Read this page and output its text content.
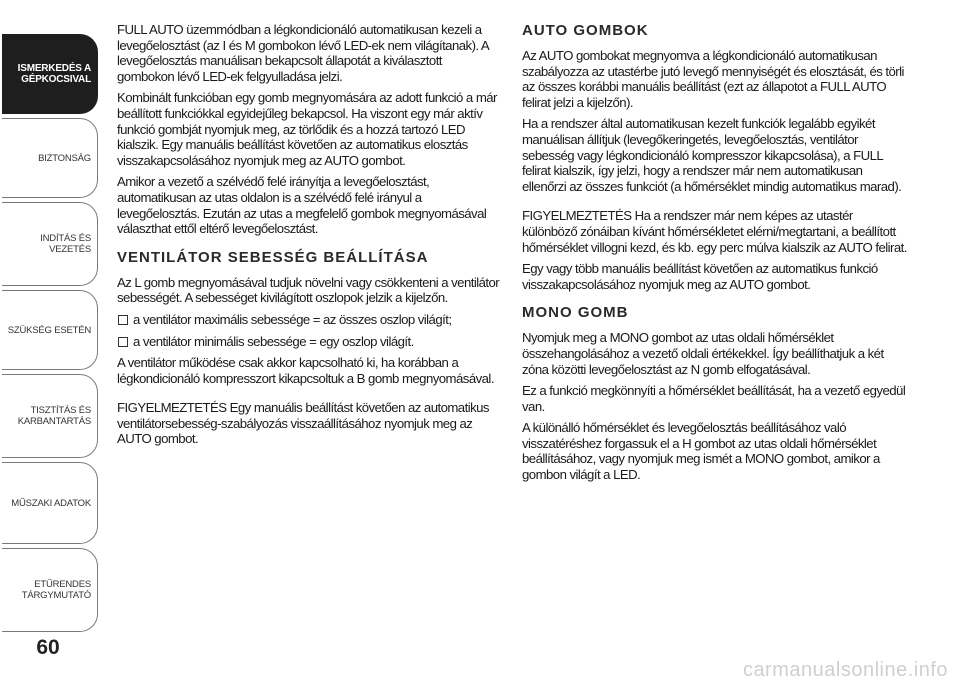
ISMERKEDÉS A
GÉPKOCSIVAL
BIZTONSÁG
INDÍTÁS ÉS VEZETÉS
SZÜKSÉG ESETÉN
TISZTÍTÁS ÉS
KARBANTARTÁS
MŰSZAKI ADATOK
ETŰRENDES
TÁRGYMUTATÓ
60

FULL AUTO üzemmódban a légkondicionáló automatikusan kezeli a levegőelosztást (az I és M gombokon lévő LED-ek nem világítanak). A levegőelosztás manuálisan bekapcsolt állapotát a kiválasztott gombokon lévő LED-ek felgyulladása jelzi.

Kombinált funkcióban egy gomb megnyomására az adott funkció a már beállított funkciókkal egyidejűleg bekapcsol. Ha viszont egy már aktív funkció gombját nyomjuk meg, az törlődik és a hozzá tartozó LED kialszik. Egy manuális beállítást követően az automatikus elosztás visszakapcsolásához nyomjuk meg az AUTO gombot.

Amikor a vezető a szélvédő felé irányítja a levegőelosztást, automatikusan az utas oldalon is a szélvédő felé irányul a levegőelosztás. Ezután az utas a megfelelő gombok megnyomásával választhat ettől eltérő levegőelosztást.

VENTILÁTOR SEBESSÉG BEÁLLÍTÁSA

Az L gomb megnyomásával tudjuk növelni vagy csökkenteni a ventilátor sebességét. A sebességet kivilágított oszlopok jelzik a kijelzőn.

a ventilátor maximális sebessége = az összes oszlop világít;

a ventilátor minimális sebessége = egy oszlop világít.

A ventilátor működése csak akkor kapcsolható ki, ha korábban a légkondicionáló kompresszort kikapcsoltuk a B gomb megnyomásával.

FIGYELMEZTETÉS Egy manuális beállítást követően az automatikus ventilátorsebesség-szabályozás visszaállításához nyomjuk meg az AUTO gombot.

AUTO GOMBOK

Az AUTO gombokat megnyomva a légkondicionáló automatikusan szabályozza az utastérbe jutó levegő mennyiségét és elosztását, és törli az összes korábbi manuális beállítást (ezt az állapotot a FULL AUTO felirat jelzi a kijelzőn).

Ha a rendszer által automatikusan kezelt funkciók legalább egyikét manuálisan állítjuk (levegőkeringetés, levegőelosztás, ventilátor sebesség vagy légkondicionáló kompresszor kikapcsolása), a FULL felirat kialszik, így jelzi, hogy a rendszer már nem automatikusan ellenőrzi az összes funkciót (a hőmérséklet mindig automatikus marad).

FIGYELMEZTETÉS Ha a rendszer már nem képes az utastér különböző zónáiban kívánt hőmérsékletet elérni/megtartani, a beállított hőmérséklet villogni kezd, és kb. egy perc múlva kialszik az AUTO felirat.

Egy vagy több manuális beállítást követően az automatikus funkció visszakapcsolásához nyomjuk meg az AUTO gombot.

MONO GOMB

Nyomjuk meg a MONO gombot az utas oldali hőmérséklet összehangolásához a vezető oldali értékekkel. Így beállíthatjuk a két zóna közötti levegőelosztást az N gomb elfogatásával.

Ez a funkció megkönnyíti a hőmérséklet beállítását, ha a vezető egyedül van.

A különálló hőmérséklet és levegőelosztás beállításához való visszatéréshez forgassuk el a H gombot az utas oldali hőmérséklet beállításához, vagy nyomjuk meg ismét a MONO gombot, amikor a gombon világít a LED.

carmanualsonline.info
